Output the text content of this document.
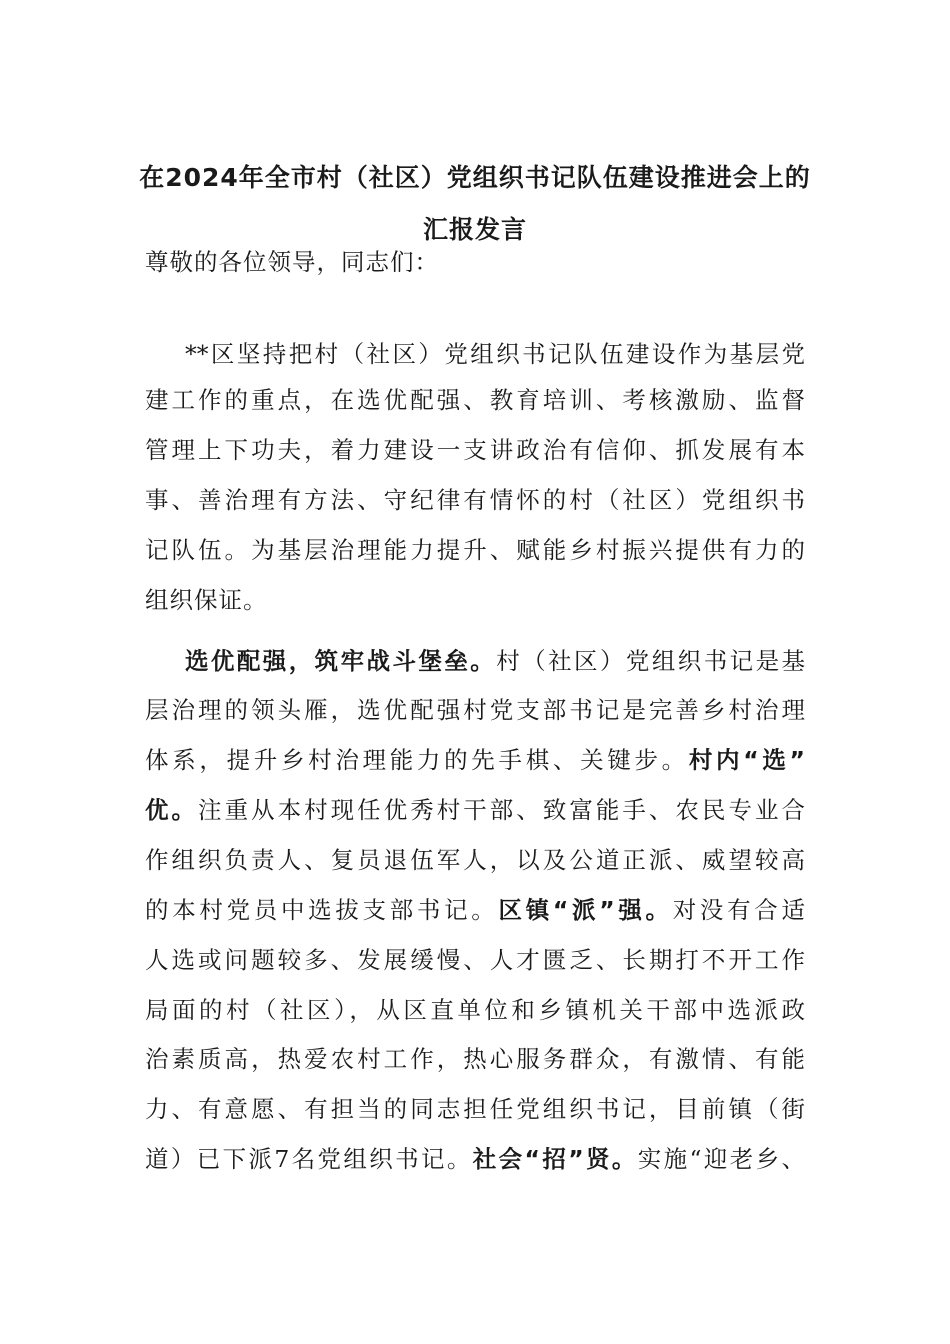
在2024年全市村（社区）党组织书记队伍建设推进会上的
汇报发言
尊敬的各位领导，同志们：
**区坚持把村（社区）党组织书记队伍建设作为基层党
建工作的重点，在选优配强、教育培训、考核激励、监督
管理上下功夫，着力建设一支讲政治有信仰、抓发展有本
事、善治理有方法、守纪律有情怀的村（社区）党组织书
记队伍。为基层治理能力提升、赋能乡村振兴提供有力的
组织保证。
选优配强，筑牢战斗堡垒。村（社区）党组织书记是基
层治理的领头雁，选优配强村党支部书记是完善乡村治理
体系，提升乡村治理能力的先手棋、关键步。村内“选”
优。注重从本村现任优秀村干部、致富能手、农民专业合
作组织负责人、复员退伍军人，以及公道正派、威望较高
的本村党员中选拔支部书记。区镇“派”强。对没有合适
人选或问题较多、发展缓慢、人才匮乏、长期打不开工作
局面的村（社区），从区直单位和乡镇机关干部中选派政
治素质高，热爱农村工作，热心服务群众，有激情、有能
力、有意愿、有担当的同志担任党组织书记，目前镇（街
道）已下派7名党组织书记。社会“招”贤。实施“迎老乡、
